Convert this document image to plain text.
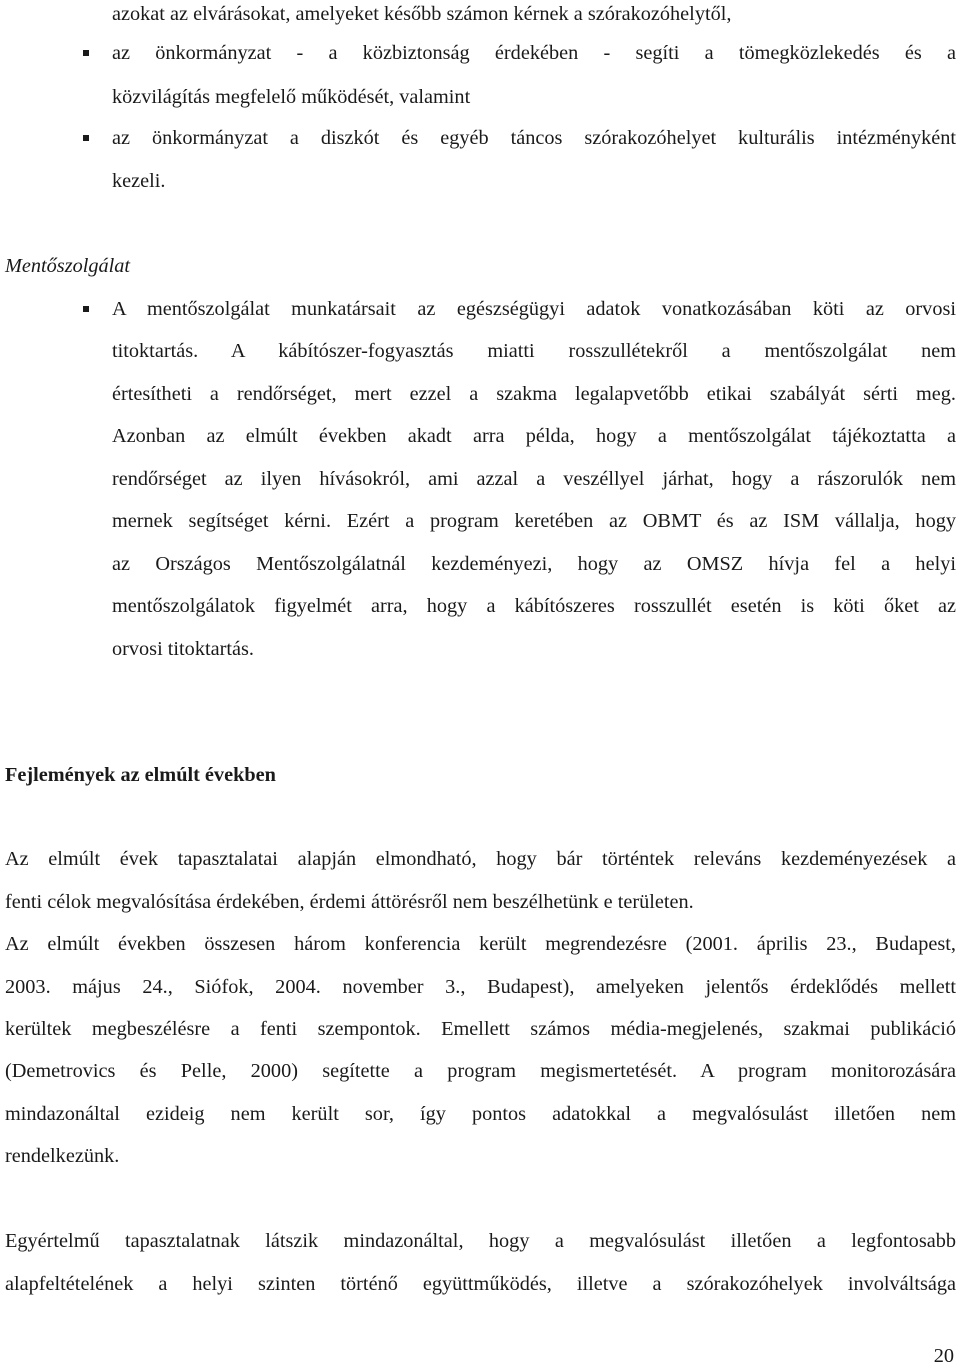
azokat az elvárásokat, amelyeket később számon kérnek a szórakozóhelytől,
az önkormányzat - a közbiztonság érdekében - segíti a tömegközlekedés és a
közvilágítás megfelelő működését, valamint
az önkormányzat a diszkót és egyéb táncos szórakozóhelyet kulturális intézményként
kezeli.
Mentőszolgálat
A mentőszolgálat munkatársait az egészségügyi adatok vonatkozásában köti az orvosi
titoktartás. A kábítószer-fogyasztás miatti rosszullétekről a mentőszolgálat nem
értesítheti a rendőrséget, mert ezzel a szakma legalapvetőbb etikai szabályát sérti meg.
Azonban az elmúlt években akadt arra példa, hogy a mentőszolgálat tájékoztatta a
rendőrséget az ilyen hívásokról, ami azzal a veszéllyel járhat, hogy a rászorulók nem
mernek segítséget kérni. Ezért a program keretében az OBMT és az ISM vállalja, hogy
az Országos Mentőszolgálatnál kezdeményezi, hogy az OMSZ hívja fel a helyi
mentőszolgálatok figyelmét arra, hogy a kábítószeres rosszullét esetén is köti őket az
orvosi titoktartás.
Fejlemények az elmúlt években
Az elmúlt évek tapasztalatai alapján elmondható, hogy bár történtek releváns kezdeményezések a
fenti célok megvalósítása érdekében, érdemi áttörésről nem beszélhetünk e területen.
Az elmúlt években összesen három konferencia került megrendezésre (2001. április 23., Budapest,
2003. május 24., Siófok, 2004. november 3., Budapest), amelyeken jelentős érdeklődés mellett
kerültek megbeszélésre a fenti szempontok. Emellett számos média-megjelenés, szakmai publikáció
(Demetrovics és Pelle, 2000) segítette a program megismertetését. A program monitorozására
mindazonáltal ezideig nem került sor, így pontos adatokkal a megvalósulást illetően nem
rendelkezünk.
Egyértelmű tapasztalatnak látszik mindazonáltal, hogy a megvalósulást illetően a legfontosabb
alapfeltételének a helyi szinten történő együttműködés, illetve a szórakozóhelyek involváltsága
20
